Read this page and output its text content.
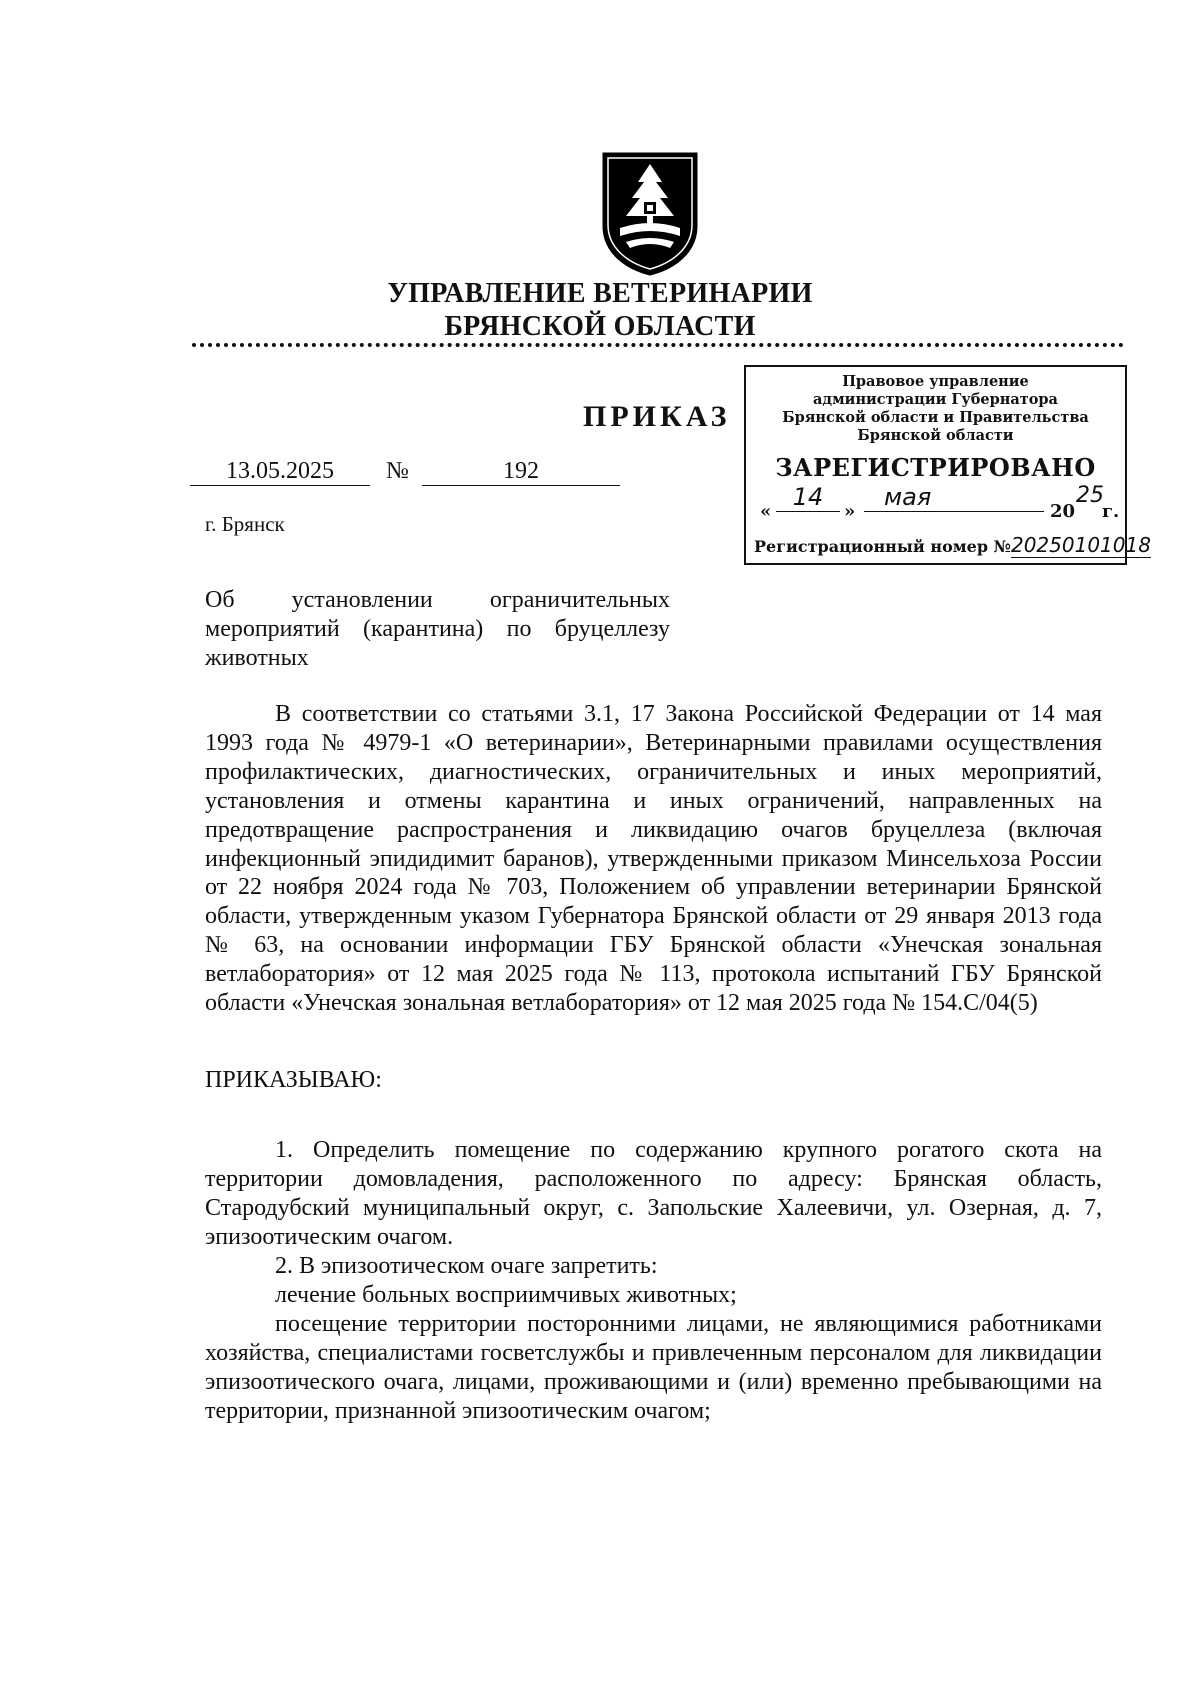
УПРАВЛЕНИЕ ВЕТЕРИНАРИИ
БРЯНСКОЙ ОБЛАСТИ
ПРИКАЗ
Правовое управление
администрации Губернатора
Брянской области и Правительства
Брянской области
ЗАРЕГИСТРИРОВАНО
«
14
»
мая
20
25
г.
Регистрационный номер №20250101018
13.05.2025	№	192
г. Брянск
Об установлении ограничительных мероприятий (карантина) по бруцеллезу животных
В соответствии со статьями 3.1, 17 Закона Российской Федерации от 14 мая 1993 года № 4979-1 «О ветеринарии», Ветеринарными правилами осуществления профилактических, диагностических, ограничительных и иных мероприятий, установления и отмены карантина и иных ограничений, направленных на предотвращение распространения и ликвидацию очагов бруцеллеза (включая инфекционный эпидидимит баранов), утвержденными приказом Минсельхоза России от 22 ноября 2024 года № 703, Положением об управлении ветеринарии Брянской области, утвержденным указом Губернатора Брянской области от 29 января 2013 года № 63, на основании информации ГБУ Брянской области «Унечская зональная ветлаборатория» от 12 мая 2025 года № 113, протокола испытаний ГБУ Брянской области «Унечская зональная ветлаборатория» от 12 мая 2025 года № 154.С/04(5)
ПРИКАЗЫВАЮ:
1. Определить помещение по содержанию крупного рогатого скота на территории домовладения, расположенного по адресу: Брянская область, Стародубский муниципальный округ, с. Запольские Халеевичи, ул. Озерная, д. 7, эпизоотическим очагом.
2. В эпизоотическом очаге запретить:
лечение больных восприимчивых животных;
посещение территории посторонними лицами, не являющимися работниками хозяйства, специалистами госветслужбы и привлеченным персоналом для ликвидации эпизоотического очага, лицами, проживающими и (или) временно пребывающими на территории, признанной эпизоотическим очагом;
